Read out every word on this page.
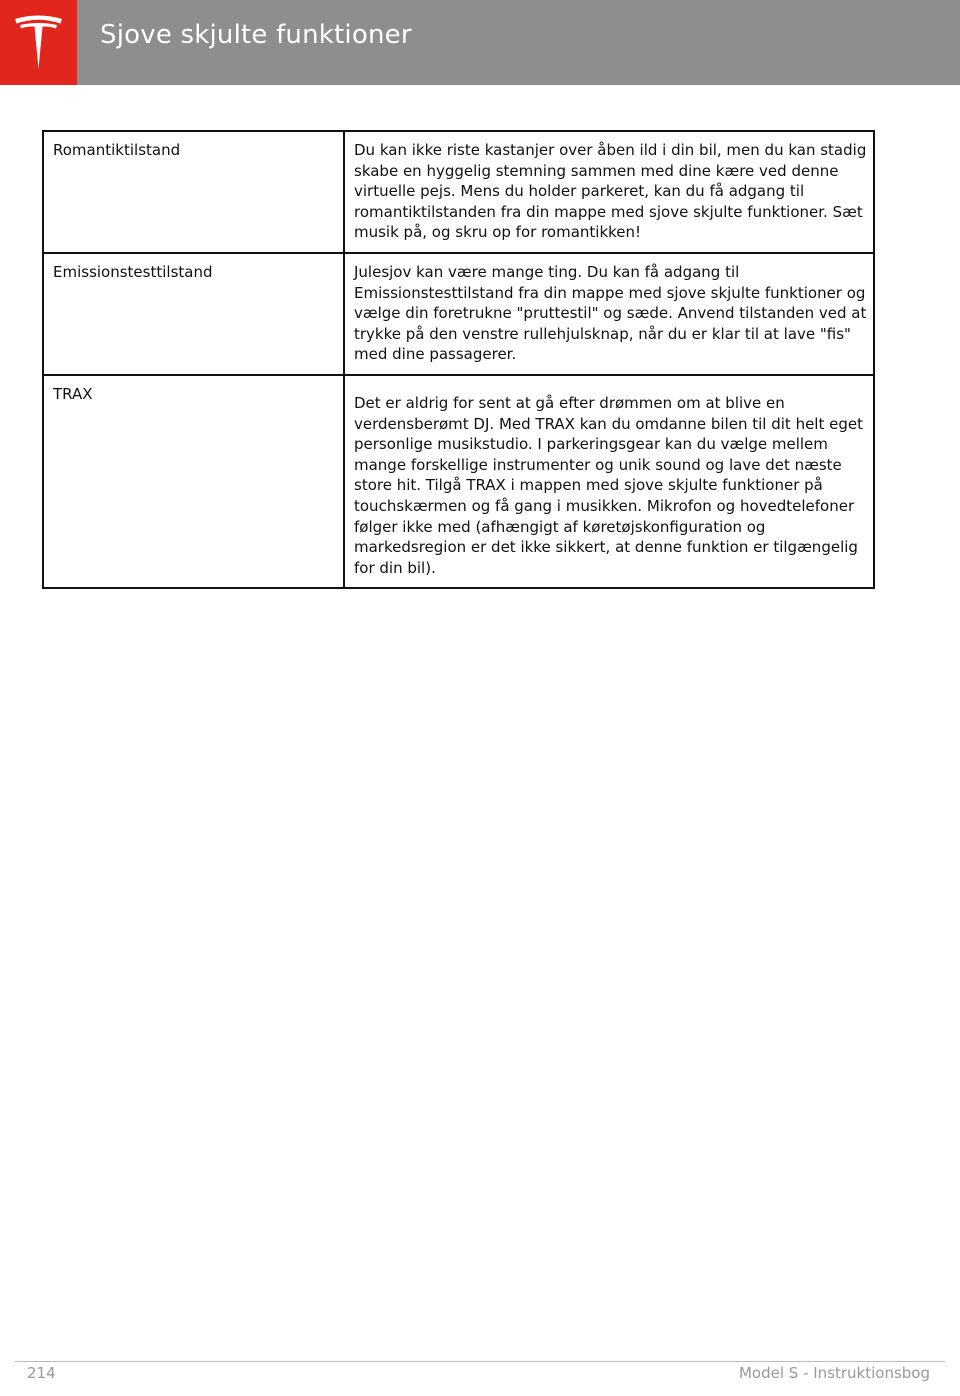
Sjove skjulte funktioner
Romantiktilstand	Du kan ikke riste kastanjer over åben ild i din bil, men du kan stadig skabe en hyggelig stemning sammen med dine kære ved denne virtuelle pejs. Mens du holder parkeret, kan du få adgang til romantiktilstanden fra din mappe med sjove skjulte funktioner. Sæt musik på, og skru op for romantikken!
Emissionstesttilstand	Julesjov kan være mange ting. Du kan få adgang til Emissionstesttilstand fra din mappe med sjove skjulte funktioner og vælge din foretrukne "pruttestil" og sæde. Anvend tilstanden ved at trykke på den venstre rullehjulsknap, når du er klar til at lave "fis" med dine passagerer.
TRAX	Det er aldrig for sent at gå efter drømmen om at blive en verdensberømt DJ. Med TRAX kan du omdanne bilen til dit helt eget personlige musikstudio. I parkeringsgear kan du vælge mellem mange forskellige instrumenter og unik sound og lave det næste store hit. Tilgå TRAX i mappen med sjove skjulte funktioner på touchskærmen og få gang i musikken. Mikrofon og hovedtelefoner følger ikke med (afhængigt af køretøjskonfiguration og markedsregion er det ikke sikkert, at denne funktion er tilgængelig for din bil).
214	Model S - Instruktionsbog
